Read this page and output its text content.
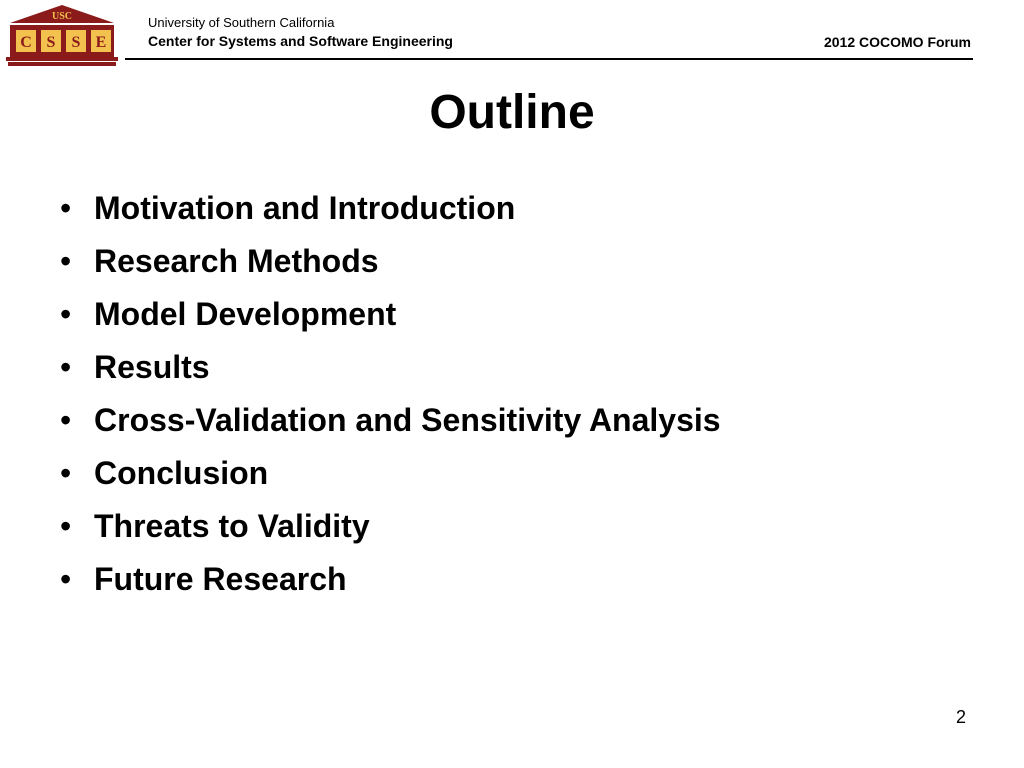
USC
C S S E
University of Southern California
Center for Systems and Software Engineering	2012 COCOMO Forum
Outline
• Motivation and Introduction
• Research Methods
• Model Development
• Results
• Cross-Validation and Sensitivity Analysis
• Conclusion
• Threats to Validity
• Future Research
2
